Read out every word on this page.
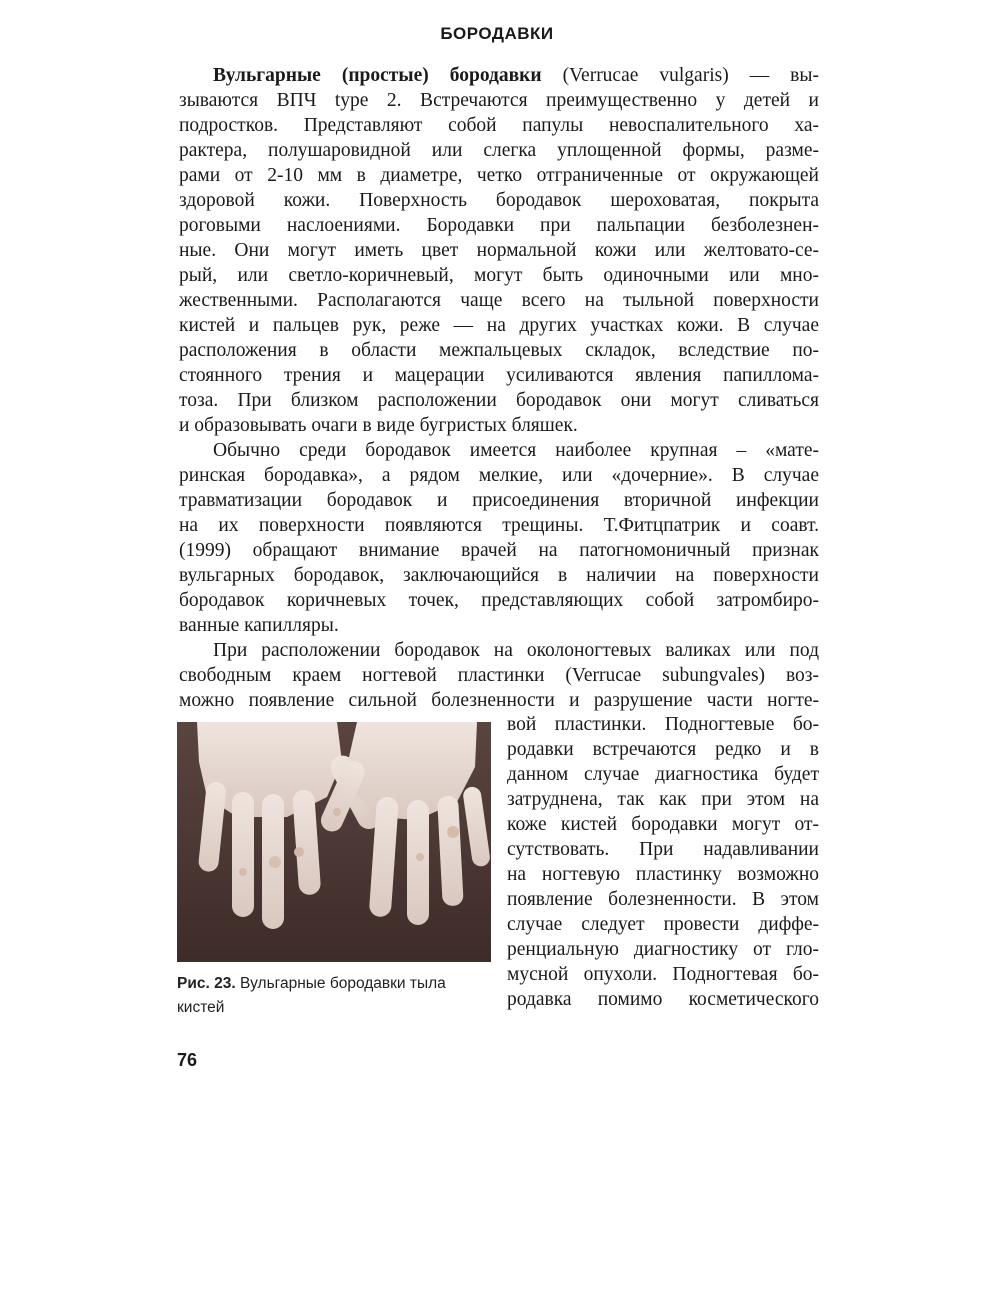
БОРОДАВКИ
Вульгарные (простые) бородавки (Verrucae vulgaris) — вы-
зываются ВПЧ type 2. Встречаются преимущественно у детей и
подростков. Представляют собой папулы невоспалительного ха-
рактера, полушаровидной или слегка уплощенной формы, разме-
рами от 2-10 мм в диаметре, четко отграниченные от окружающей
здоровой кожи. Поверхность бородавок шероховатая, покрыта
роговыми наслоениями. Бородавки при пальпации безболезнен-
ные. Они могут иметь цвет нормальной кожи или желтовато-се-
рый, или светло-коричневый, могут быть одиночными или мно-
жественными. Располагаются чаще всего на тыльной поверхности
кистей и пальцев рук, реже — на других участках кожи. В случае
расположения в области межпальцевых складок, вследствие по-
стоянного трения и мацерации усиливаются явления папиллома-
тоза. При близком расположении бородавок они могут сливаться
и образовывать очаги в виде бугристых бляшек.
Обычно среди бородавок имеется наиболее крупная – «мате-
ринская бородавка», а рядом мелкие, или «дочерние». В случае
травматизации бородавок и присоединения вторичной инфекции
на их поверхности появляются трещины. Т.Фитцпатрик и соавт.
(1999) обращают внимание врачей на патогномоничный признак
вульгарных бородавок, заключающийся в наличии на поверхности
бородавок коричневых точек, представляющих собой затромбиро-
ванные капилляры.
При расположении бородавок на околоногтевых валиках или под
свободным краем ногтевой пластинки (Verrucae subungvales) воз-
можно появление сильной болезненности и разрушение части ногте-
Рис. 23. Вульгарные бородавки тыла кистей
вой пластинки. Подногтевые бо-
родавки встречаются редко и в
данном случае диагностика будет
затруднена, так как при этом на
коже кистей бородавки могут от-
сутствовать. При надавливании
на ногтевую пластинку возможно
появление болезненности. В этом
случае следует провести диффе-
ренциальную диагностику от гло-
мусной опухоли. Подногтевая бо-
родавка помимо косметического
76
